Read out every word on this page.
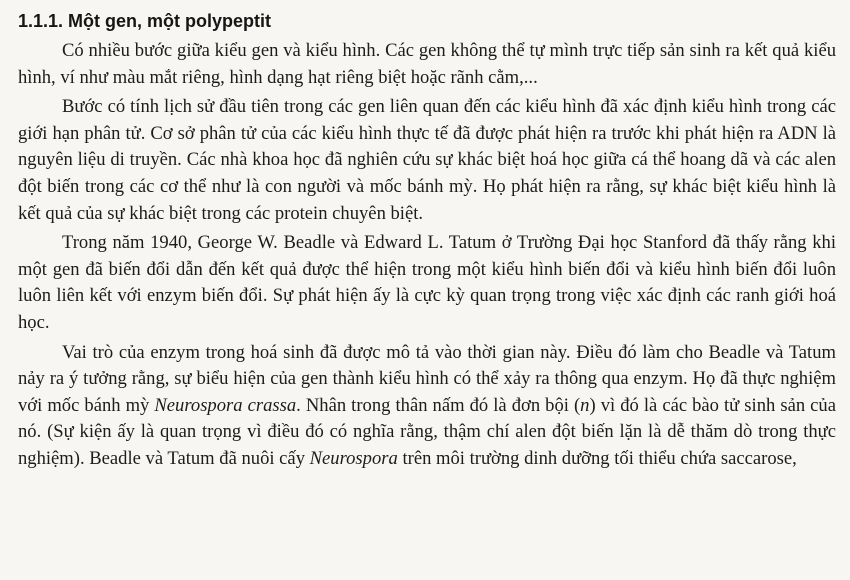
1.1.1. Một gen, một polypeptit

Có nhiều bước giữa kiểu gen và kiểu hình. Các gen không thể tự mình trực tiếp sản sinh ra kết quả kiểu hình, ví như màu mắt riêng, hình dạng hạt riêng biệt hoặc rãnh cằm,...

Bước có tính lịch sử đầu tiên trong các gen liên quan đến các kiểu hình đã xác định kiểu hình trong các giới hạn phân tử. Cơ sở phân tử của các kiểu hình thực tế đã được phát hiện ra trước khi phát hiện ra ADN là nguyên liệu di truyền. Các nhà khoa học đã nghiên cứu sự khác biệt hoá học giữa cá thể hoang dã và các alen đột biến trong các cơ thể như là con người và mốc bánh mỳ. Họ phát hiện ra rằng, sự khác biệt kiểu hình là kết quả của sự khác biệt trong các protein chuyên biệt.

Trong năm 1940, George W. Beadle và Edward L. Tatum ở Trường Đại học Stanford đã thấy rằng khi một gen đã biến đổi dẫn đến kết quả được thể hiện trong một kiểu hình biến đổi và kiểu hình biến đổi luôn luôn liên kết với enzym biến đổi. Sự phát hiện ấy là cực kỳ quan trọng trong việc xác định các ranh giới hoá học.

Vai trò của enzym trong hoá sinh đã được mô tả vào thời gian này. Điều đó làm cho Beadle và Tatum nảy ra ý tưởng rằng, sự biểu hiện của gen thành kiểu hình có thể xảy ra thông qua enzym. Họ đã thực nghiệm với mốc bánh mỳ Neurospora crassa. Nhân trong thân nấm đó là đơn bội (n) vì đó là các bào tử sinh sản của nó. (Sự kiện ấy là quan trọng vì điều đó có nghĩa rằng, thậm chí alen đột biến lặn là dễ thăm dò trong thực nghiệm). Beadle và Tatum đã nuôi cấy Neurospora trên môi trường dinh dưỡng tối thiểu chứa saccarose,
